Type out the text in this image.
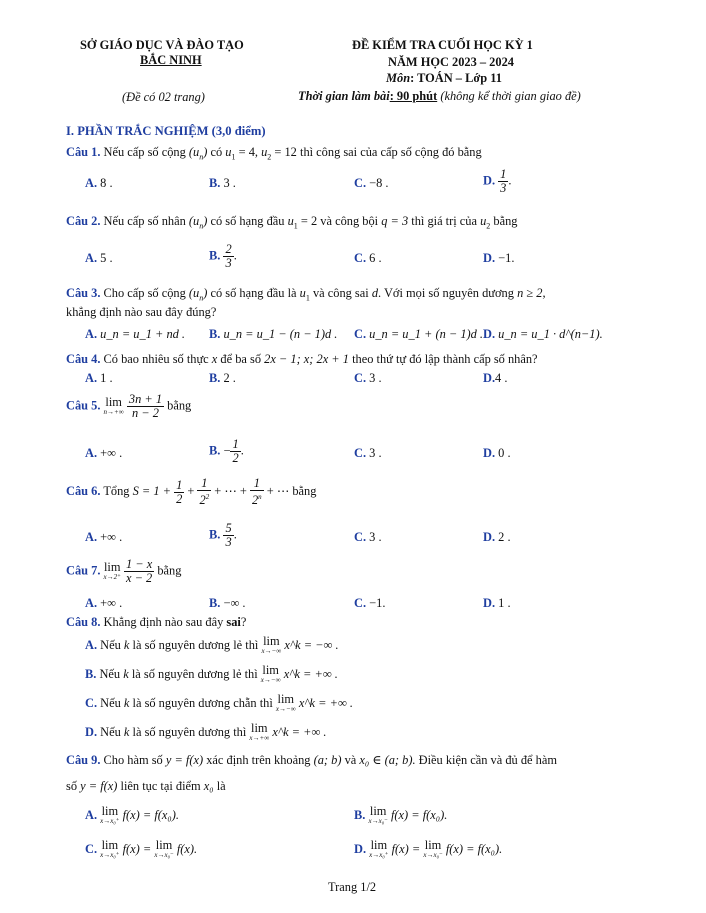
SỞ GIÁO DỤC VÀ ĐÀO TẠO
BẮC NINH
(Đề có 02 trang)
ĐỀ KIỂM TRA CUỐI HỌC KỲ 1
NĂM HỌC 2023 – 2024
Môn: TOÁN – Lớp 11
Thời gian làm bài: 90 phút (không kể thời gian giao đề)
I. PHẦN TRẮC NGHIỆM (3,0 điểm)
Câu 1. Nếu cấp số cộng $(u_n)$ có $u_1 = 4$, $u_2 = 12$ thì công sai của cấp số cộng đó bằng
A. 8 .	B. 3 .	C. −8 .	D. $\frac{1}{3}$ .
Câu 2. Nếu cấp số nhân $(u_n)$ có số hạng đầu $u_1 = 2$ và công bội q = 3 thì giá trị của $u_2$ bằng
A. 5 .	B. $\frac{2}{3}$ .	C. 6 .	D. −1.
Câu 3. Cho cấp số cộng $(u_n)$ có số hạng đầu là $u_1$ và công sai d. Với mọi số nguyên dương n ≥ 2,
khẳng định nào sau đây đúng?
A. u_n = u_1 + nd . B. u_n = u_1 − (n − 1)d . C. u_n = u_1 + (n − 1)d . D. u_n = u_1 · d^(n−1).
Câu 4. Có bao nhiêu số thực x để ba số 2x − 1; x; 2x + 1 theo thứ tự đó lập thành cấp số nhân?
A. 1 .	B. 2 .	C. 3 .	D.4 .
Câu 5. lim
n→+∞
$\frac{3n + 1}{n - 2}$ bằng
A. +∞ .	B. − $\frac{1}{2}$ .	C. 3 .	D. 0 .
Câu 6. Tổng $S = 1 + \frac{1}{2} + \frac{1}{2^2}$ + ⋯ + $\frac{1}{2^n}$ + ⋯ bằng
A. +∞ .	B. $\frac{5}{3}$ .	C. 3 .	D. 2 .
Câu 7. lim
x→2⁺
$\frac{1 - x}{x - 2}$ bằng
A. +∞ .	B. −∞ .	C. −1.	D. 1 .
Câu 8. Khẳng định nào sau đây sai?
A. Nếu k là số nguyên dương lẻ thì lim
x→−∞ x^k = −∞ .
B. Nếu k là số nguyên dương lẻ thì lim
x→−∞ x^k = +∞ .
C. Nếu k là số nguyên dương chẵn thì lim
x→−∞ x^k = +∞ .
D. Nếu k là số nguyên dương thì lim
x→+∞ x^k = +∞ .
Câu 9. Cho hàm số y = f(x) xác định trên khoảng (a; b) và x₀ ∈ (a; b). Điều kiện cần và đủ để hàm
số y = f(x) liên tục tại điểm x₀ là
A. lim
x→x₀⁺ f(x) = f(x₀).	B. lim
x→x₀⁻ f(x) = f(x₀).
C. lim
x→x₀⁺ f(x) = lim
x→x₀⁻ f(x).	D. lim
x→x₀⁺ f(x) = lim
x→x₀⁻ f(x) = f(x₀).
Trang 1/2
